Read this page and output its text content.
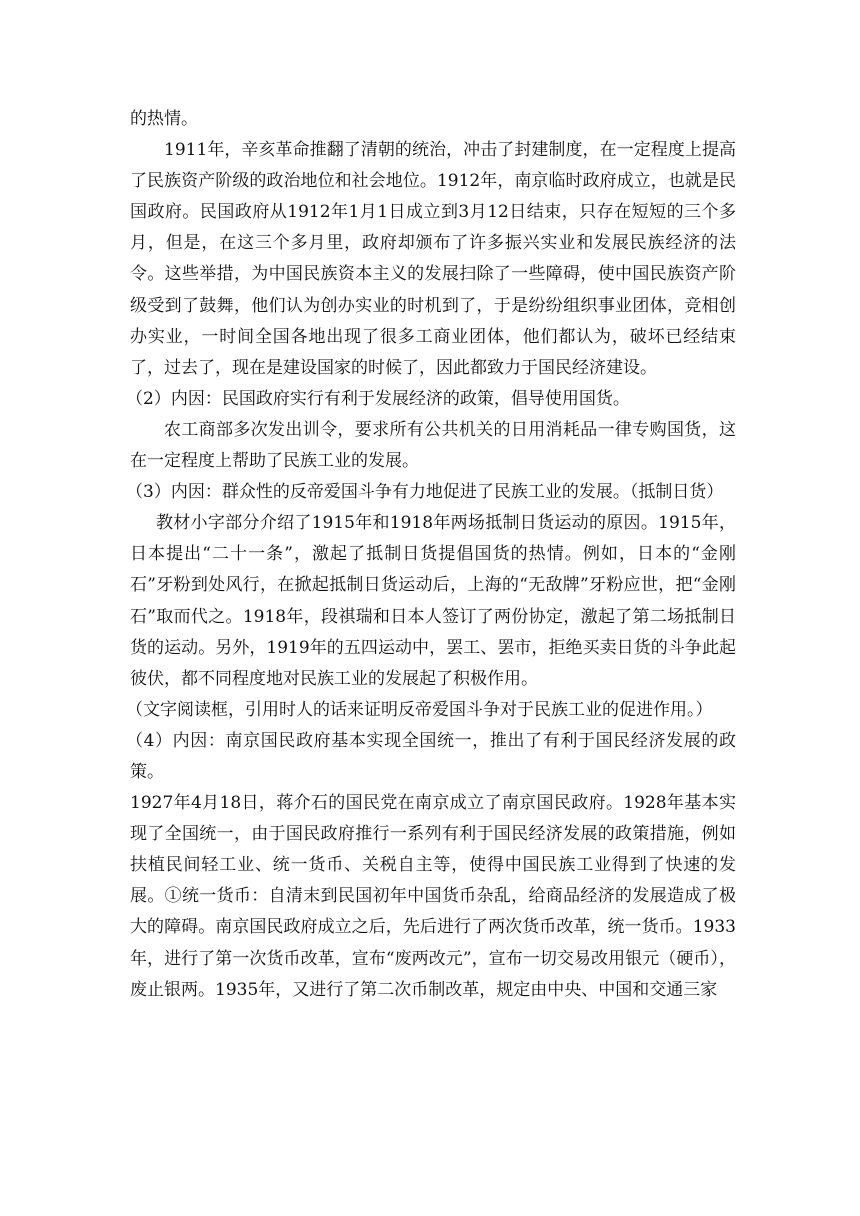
的热情。

1911年，辛亥革命推翻了清朝的统治，冲击了封建制度，在一定程度上提高了民族资产阶级的政治地位和社会地位。1912年，南京临时政府成立，也就是民国政府。民国政府从1912年1月1日成立到3月12日结束，只存在短短的三个多月，但是，在这三个多月里，政府却颁布了许多振兴实业和发展民族经济的法令。这些举措，为中国民族资本主义的发展扫除了一些障碍，使中国民族资产阶级受到了鼓舞，他们认为创办实业的时机到了，于是纷纷组织事业团体，竞相创办实业，一时间全国各地出现了很多工商业团体，他们都认为，破坏已经结束了，过去了，现在是建设国家的时候了，因此都致力于国民经济建设。

（2）内因：民国政府实行有利于发展经济的政策，倡导使用国货。

农工商部多次发出训令，要求所有公共机关的日用消耗品一律专购国货，这在一定程度上帮助了民族工业的发展。

（3）内因：群众性的反帝爱国斗争有力地促进了民族工业的发展。（抵制日货）

教材小字部分介绍了1915年和1918年两场抵制日货运动的原因。1915年，日本提出“二十一条”，激起了抵制日货提倡国货的热情。例如，日本的“金刚石”牙粉到处风行，在掀起抵制日货运动后，上海的“无敌牌”牙粉应世，把“金刚石”取而代之。1918年，段祺瑞和日本人签订了两份协定，激起了第二场抵制日货的运动。另外，1919年的五四运动中，罢工、罢市，拒绝买卖日货的斗争此起彼伏，都不同程度地对民族工业的发展起了积极作用。

（文字阅读框，引用时人的话来证明反帝爱国斗争对于民族工业的促进作用。）

（4）内因：南京国民政府基本实现全国统一，推出了有利于国民经济发展的政策。

1927年4月18日，蒋介石的国民党在南京成立了南京国民政府。1928年基本实现了全国统一，由于国民政府推行一系列有利于国民经济发展的政策措施，例如扶植民间轻工业、统一货币、关税自主等，使得中国民族工业得到了快速的发展。①统一货币：自清末到民国初年中国货币杂乱，给商品经济的发展造成了极大的障碍。南京国民政府成立之后，先后进行了两次货币改革，统一货币。1933年，进行了第一次货币改革，宣布“废两改元”，宣布一切交易改用银元（硬币），废止银两。1935年，又进行了第二次币制改革，规定由中央、中国和交通三家
